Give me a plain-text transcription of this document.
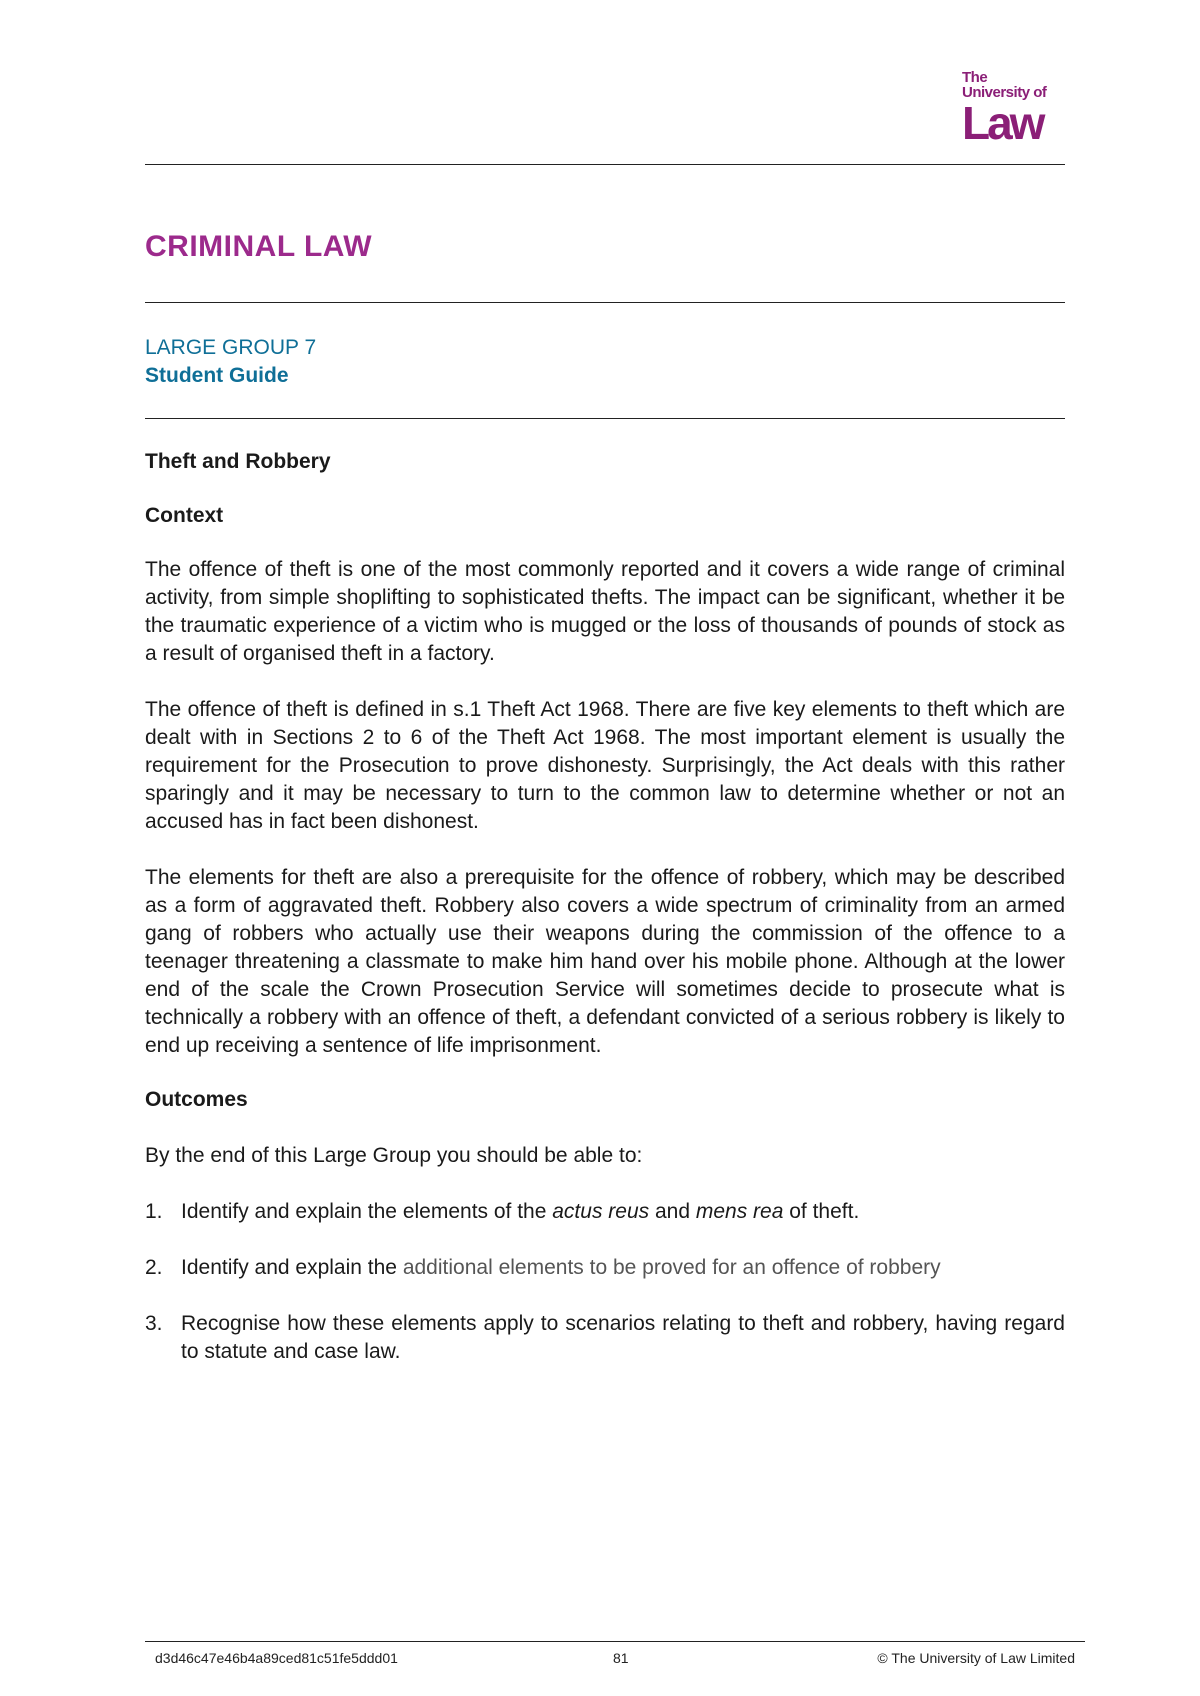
The
University of
Law
CRIMINAL LAW
LARGE GROUP 7
Student Guide
Theft and Robbery
Context

The offence of theft is one of the most commonly reported and it covers a wide range of criminal activity, from simple shoplifting to sophisticated thefts. The impact can be significant, whether it be the traumatic experience of a victim who is mugged or the loss of thousands of pounds of stock as a result of organised theft in a factory.

The offence of theft is defined in s.1 Theft Act 1968. There are five key elements to theft which are dealt with in Sections 2 to 6 of the Theft Act 1968. The most important element is usually the requirement for the Prosecution to prove dishonesty. Surprisingly, the Act deals with this rather sparingly and it may be necessary to turn to the common law to determine whether or not an accused has in fact been dishonest.

The elements for theft are also a prerequisite for the offence of robbery, which may be described as a form of aggravated theft. Robbery also covers a wide spectrum of criminality from an armed gang of robbers who actually use their weapons during the commission of the offence to a teenager threatening a classmate to make him hand over his mobile phone. Although at the lower end of the scale the Crown Prosecution Service will sometimes decide to prosecute what is technically a robbery with an offence of theft, a defendant convicted of a serious robbery is likely to end up receiving a sentence of life imprisonment.

Outcomes

By the end of this Large Group you should be able to:

1. Identify and explain the elements of the actus reus and mens rea of theft.
2. Identify and explain the additional elements to be proved for an offence of robbery
3. Recognise how these elements apply to scenarios relating to theft and robbery, having regard to statute and case law.
d3d46c47e46b4a89ced81c51fe5ddd01	81	© The University of Law Limited
